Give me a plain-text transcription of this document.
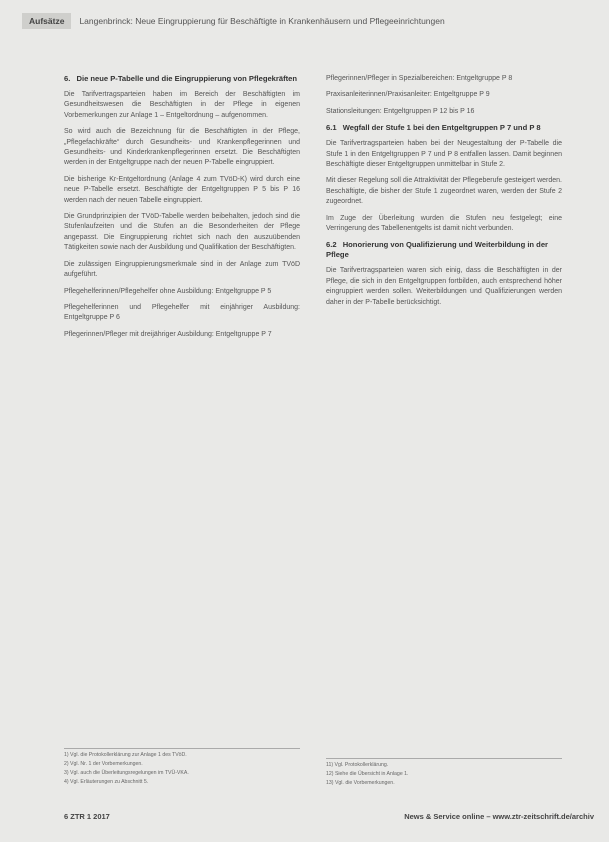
Aufsätze	Langenbrinck: Neue Eingruppierung für Beschäftigte in Krankenhäusern und Pflegeeinrichtungen
6. Die neue P-Tabelle und die Eingruppierung von Pflegekräften

Die Tarifvertragsparteien haben im Bereich der Beschäftigten im Gesundheitswesen die Beschäftigten in der Pflege in eigenen Vorbemerkungen zur Anlage 1 – Entgeltordnung – aufgenommen.

So wird auch die Bezeichnung für die Beschäftigten in der Pflege, „Pflegefachkräfte“ durch Gesundheits- und Krankenpflegerinnen und Gesundheits- und Kinderkrankenpflegerinnen ersetzt. Die Beschäftigten werden in der Entgeltgruppe nach der neuen P-Tabelle eingruppiert.

Die bisherige Kr-Entgeltordnung (Anlage 4 zum TVöD-K) wird durch eine neue P-Tabelle ersetzt. Beschäftigte der Entgeltgruppen P 5 bis P 16 werden nach der neuen Tabelle eingruppiert.

Die Grundprinzipien der TVöD-Tabelle werden beibehalten, jedoch sind die Stufenlaufzeiten und die Stufen an die Besonderheiten der Pflege angepasst. Die Eingruppierung richtet sich nach den auszuübenden Tätigkeiten sowie nach der Ausbildung und Qualifikation der Beschäftigten.

Die zulässigen Eingruppierungsmerkmale sind in der Anlage zum TVöD aufgeführt.

Pflegehelferinnen/Pflegehelfer ohne Ausbildung: Entgeltgruppe P 5

Pflegehelferinnen und Pflegehelfer mit einjähriger Ausbildung: Entgeltgruppe P 6

Pflegerinnen/Pfleger mit dreijähriger Ausbildung: Entgeltgruppe P 7

1) Vgl. die Protokollerklärung zur Anlage 1 des TVöD.
2) Vgl. Nr. 1 der Vorbemerkungen.
3) Vgl. auch die Überleitungsregelungen im TVÜ-VKA.
4) Vgl. Erläuterungen zu Abschnitt 5.

Pflegerinnen/Pfleger in Spezialbereichen: Entgeltgruppe P 8

Praxisanleiterinnen/Praxisanleiter: Entgeltgruppe P 9

Stationsleitungen: Entgeltgruppen P 12 bis P 16

6.1 Wegfall der Stufe 1 bei den Entgeltgruppen P 7 und P 8

Die Tarifvertragsparteien haben bei der Neugestaltung der P-Tabelle die Stufe 1 in den Entgeltgruppen P 7 und P 8 entfallen lassen. Damit beginnen Beschäftigte dieser Entgeltgruppen unmittelbar in Stufe 2.

Mit dieser Regelung soll die Attraktivität der Pflegeberufe gesteigert werden. Beschäftigte, die bisher der Stufe 1 zugeordnet waren, werden der Stufe 2 zugeordnet.

Im Zuge der Überleitung wurden die Stufen neu festgelegt; eine Verringerung des Tabellenentgelts ist damit nicht verbunden.

6.2 Honorierung von Qualifizierung und Weiterbildung in der Pflege

Die Tarifvertragsparteien waren sich einig, dass die Beschäftigten in der Pflege, die sich in den Entgeltgruppen fortbilden, auch entsprechend höher eingruppiert werden sollen. Weiterbildungen und Qualifizierungen werden daher in der P-Tabelle berücksichtigt.

11) Vgl. Protokollerklärung.
12) Siehe die Übersicht in Anlage 1.
13) Vgl. die Vorbemerkungen.
6 ZTR 1 2017	News & Service online – www.ztr-zeitschrift.de/archiv
